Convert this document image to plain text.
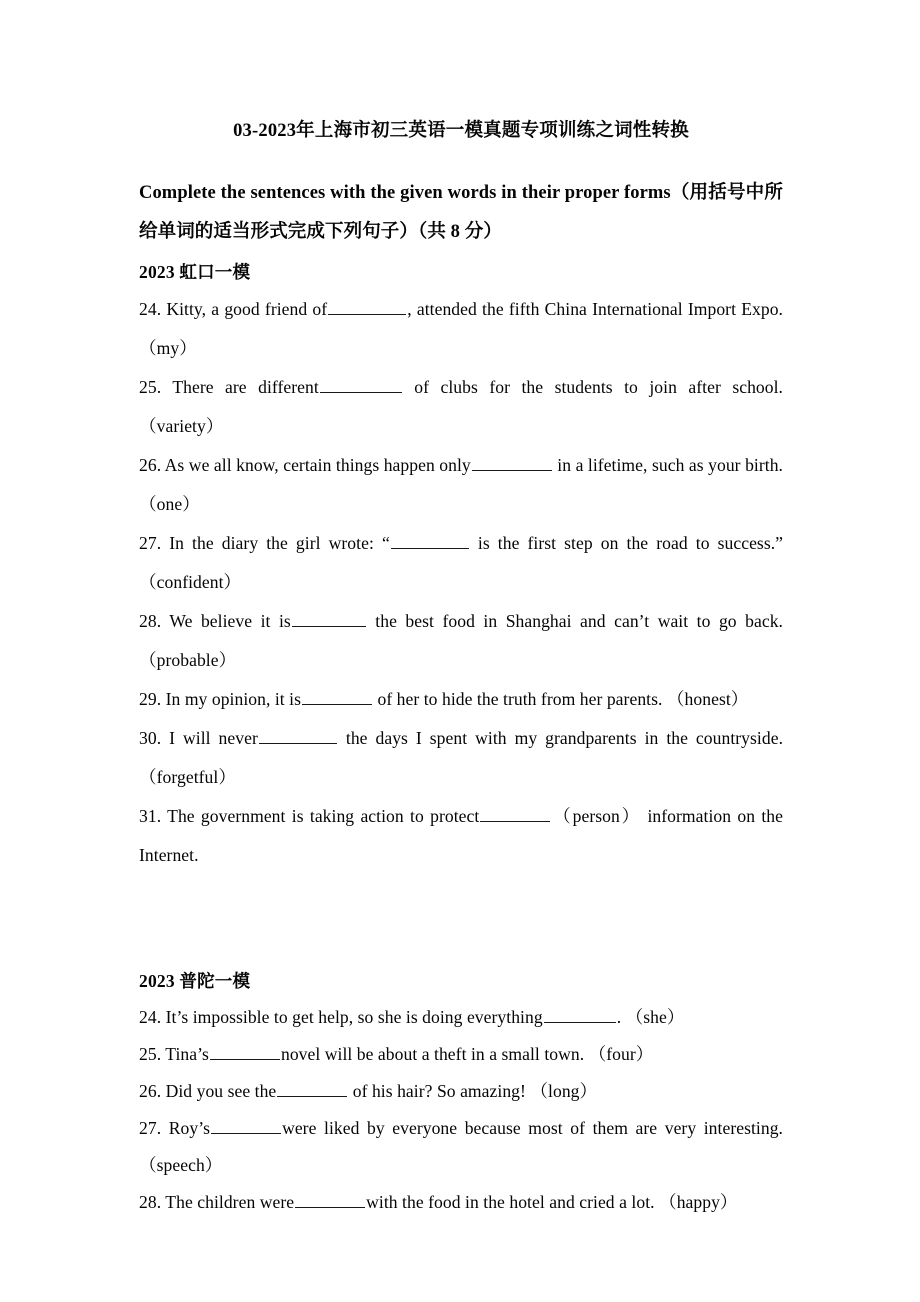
03-2023年上海市初三英语一模真题专项训练之词性转换

Complete the sentences with the given words in their proper forms（用括号中所给单词的适当形式完成下列句子）（共 8 分）

2023 虹口一模

24. Kitty, a good friend of	, attended the fifth China International Import Expo. （my）

25. There are different	of clubs for the students to join after school. （variety）

26. As we all know, certain things happen only	in a lifetime, such as your birth. （one）

27. In the diary the girl wrote: “	is the first step on the road to success.” （confident）

28. We believe it is	the best food in Shanghai and can’t wait to go back. （probable）

29. In my opinion, it is	of her to hide the truth from her parents. （honest）

30. I will never	the days I spent with my grandparents in the countryside. （forgetful）

31. The government is taking action to protect	（person） information on the Internet.

2023 普陀一模

24. It’s impossible to get help, so she is doing everything	. （she）

25. Tina’s	novel will be about a theft in a small town. （four）

26. Did you see the	of his hair? So amazing! （long）

27. Roy’s	were liked by everyone because most of them are very interesting. （speech）

28. The children were	with the food in the hotel and cried a lot. （happy）
